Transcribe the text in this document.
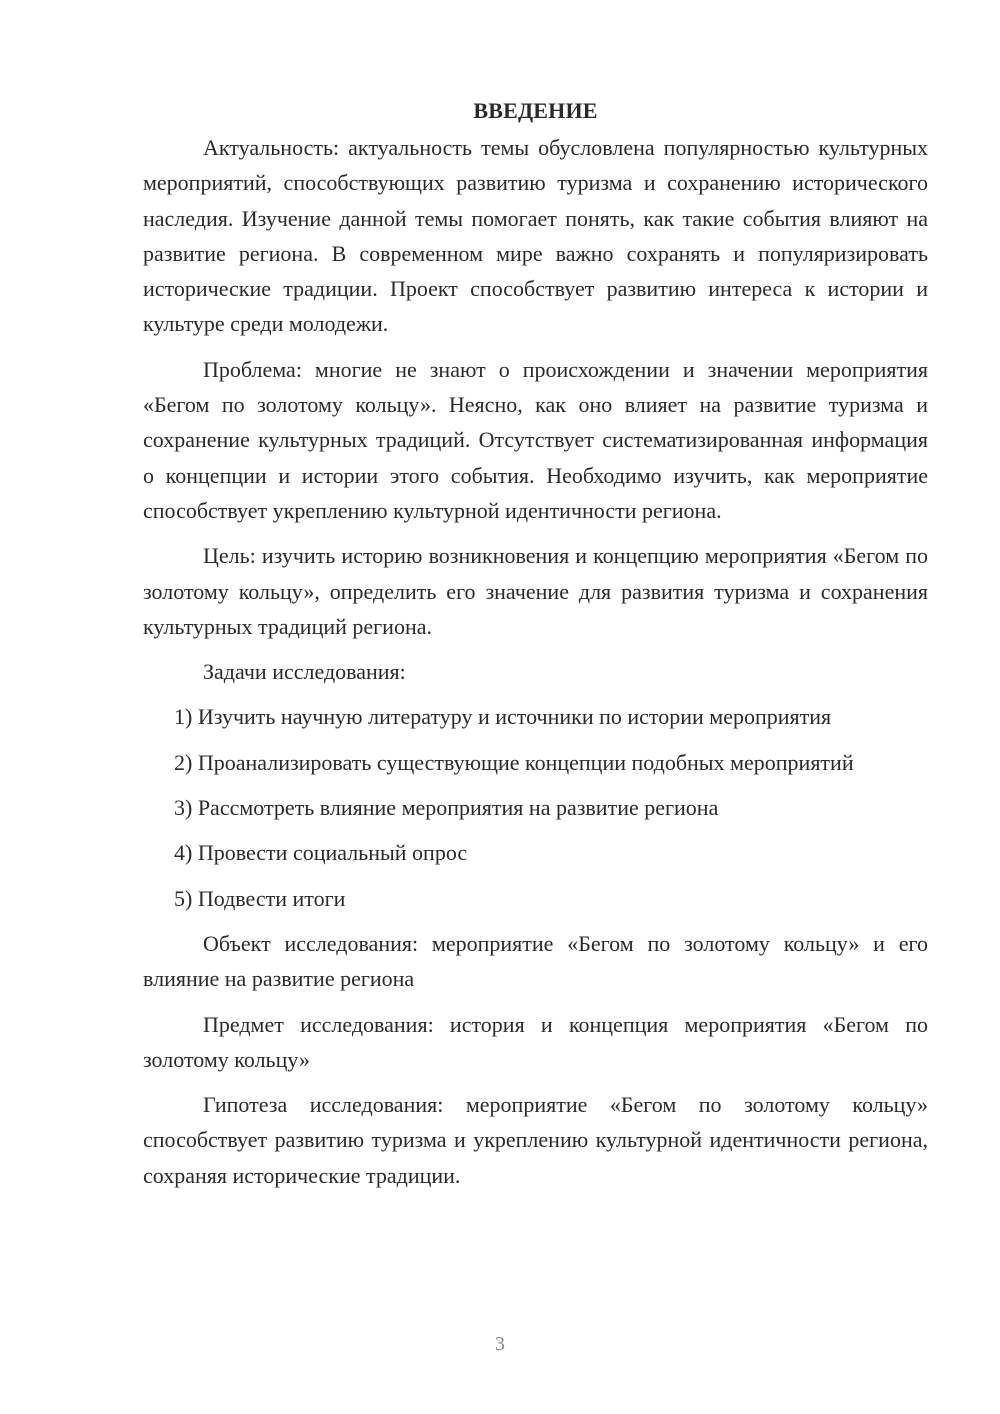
ВВЕДЕНИЕ

Актуальность: актуальность темы обусловлена популярностью культурных мероприятий, способствующих развитию туризма и сохранению исторического наследия. Изучение данной темы помогает понять, как такие события влияют на развитие региона. В современном мире важно сохранять и популяризировать исторические традиции. Проект способствует развитию интереса к истории и культуре среди молодежи.

Проблема: многие не знают о происхождении и значении мероприятия «Бегом по золотому кольцу». Неясно, как оно влияет на развитие туризма и сохранение культурных традиций. Отсутствует систематизированная информация о концепции и истории этого события. Необходимо изучить, как мероприятие способствует укреплению культурной идентичности региона.

Цель: изучить историю возникновения и концепцию мероприятия «Бегом по золотому кольцу», определить его значение для развития туризма и сохранения культурных традиций региона.

Задачи исследования:

1) Изучить научную литературу и источники по истории мероприятия

2) Проанализировать существующие концепции подобных мероприятий

3) Рассмотреть влияние мероприятия на развитие региона

4) Провести социальный опрос

5) Подвести итоги

Объект исследования: мероприятие «Бегом по золотому кольцу» и его влияние на развитие региона

Предмет исследования: история и концепция мероприятия «Бегом по золотому кольцу»

Гипотеза исследования: мероприятие «Бегом по золотому кольцу» способствует развитию туризма и укреплению культурной идентичности региона, сохраняя исторические традиции.

3
